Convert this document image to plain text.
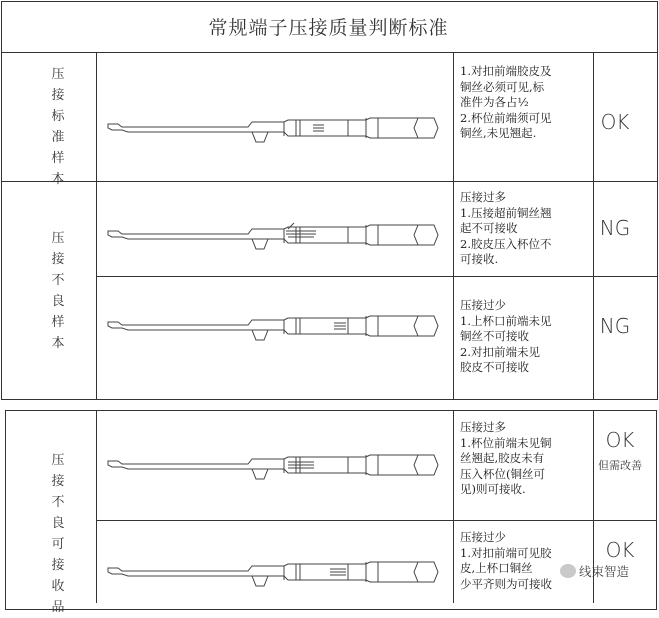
常规端子压接质量判断标准
压接标准样本
压接不良样本
压接不良可接收品
1.对扣前端胶皮及
铜丝必须可见,标
准件为各占½
2.杯位前端须可见
铜丝,未见翘起.
压接过多
1.压接超前铜丝翘
起不可接收
2.胶皮压入杯位不
可接收.
压接过少
1.上杯口前端未见
铜丝不可接收
2.对扣前端未见
胶皮不可接收
压接过多
1.杯位前端未见铜
丝翘起,胶皮未有
压入杯位(铜丝可
见)则可接收.
压接过少
1.对扣前端可见胶
皮,上杯口铜丝
少平齐则为可接收
OK
NG
NG
OK
但需改善
OK
线束智造
